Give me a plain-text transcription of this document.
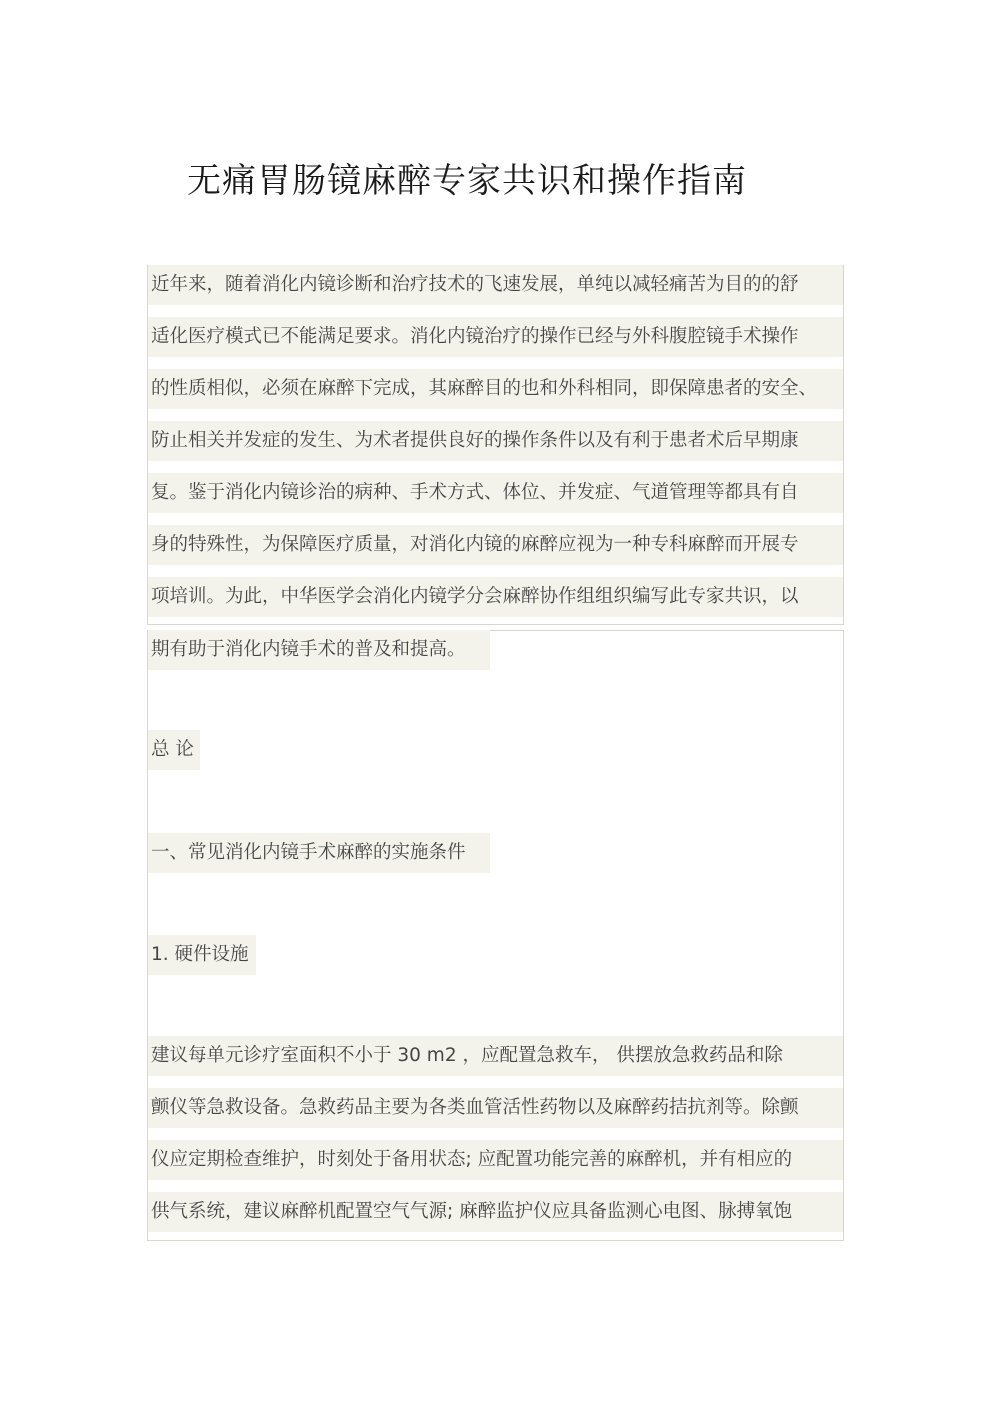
无痛胃肠镜麻醉专家共识和操作指南
近年来，随着消化内镜诊断和治疗技术的飞速发展，单纯以减轻痛苦为目的的舒
适化医疗模式已不能满足要求。消化内镜治疗的操作已经与外科腹腔镜手术操作
的性质相似，必须在麻醉下完成，其麻醉目的也和外科相同，即保障患者的安全、
防止相关并发症的发生、为术者提供良好的操作条件以及有利于患者术后早期康
复。鉴于消化内镜诊治的病种、手术方式、体位、并发症、气道管理等都具有自
身的特殊性，为保障医疗质量，对消化内镜的麻醉应视为一种专科麻醉而开展专
项培训。为此，中华医学会消化内镜学分会麻醉协作组组织编写此专家共识，以
期有助于消化内镜手术的普及和提高。
总 论
一、常见消化内镜手术麻醉的实施条件
1. 硬件设施
建议每单元诊疗室面积不小于 30 m2 ，应配置急救车， 供摆放急救药品和除
颤仪等急救设备。急救药品主要为各类血管活性药物以及麻醉药拮抗剂等。除颤
仪应定期检查维护，时刻处于备用状态; 应配置功能完善的麻醉机，并有相应的
供气系统，建议麻醉机配置空气气源; 麻醉监护仪应具备监测心电图、脉搏氧饱
